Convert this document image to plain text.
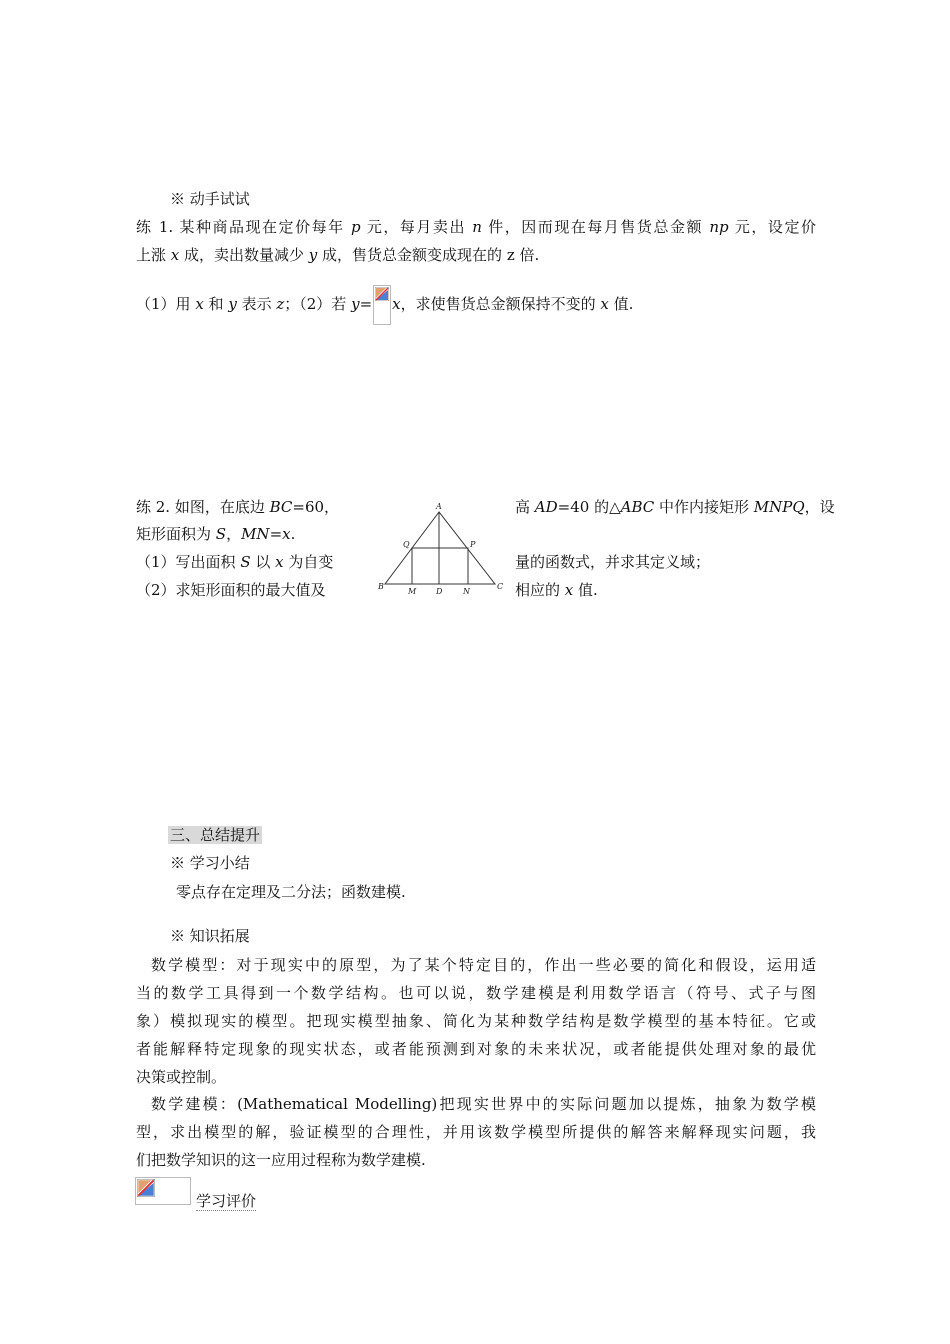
※ 动手试试
练 1. 某种商品现在定价每年 p 元，每月卖出 n 件，因而现在每月售货总金额 np 元，设定价
上涨 x 成，卖出数量减少 y 成，售货总金额变成现在的 z 倍.
（1）用 x 和 y 表示 z；（2）若 y= x，求使售货总金额保持不变的 x 值.
练 2. 如图，在底边 BC=60，
矩形面积为 S，MN=x.
（1）写出面积 S 以 x 为自变
（2）求矩形面积的最大值及
高 AD=40 的△ABC 中作内接矩形 MNPQ，设
量的函数式，并求其定义域；
相应的 x 值.
A
B	C
D
M	N
P
Q
三、总结提升
※ 学习小结
零点存在定理及二分法；函数建模.
※ 知识拓展
数学模型：对于现实中的原型，为了某个特定目的，作出一些必要的简化和假设，运用适
当的数学工具得到一个数学结构。也可以说，数学建模是利用数学语言（符号、式子与图
象）模拟现实的模型。把现实模型抽象、简化为某种数学结构是数学模型的基本特征。它或
者能解释特定现象的现实状态，或者能预测到对象的未来状况，或者能提供处理对象的最优
决策或控制。
数学建模：(Mathematical Modelling)把现实世界中的实际问题加以提炼，抽象为数学模
型，求出模型的解，验证模型的合理性，并用该数学模型所提供的解答来解释现实问题，我
们把数学知识的这一应用过程称为数学建模.
学习评价
